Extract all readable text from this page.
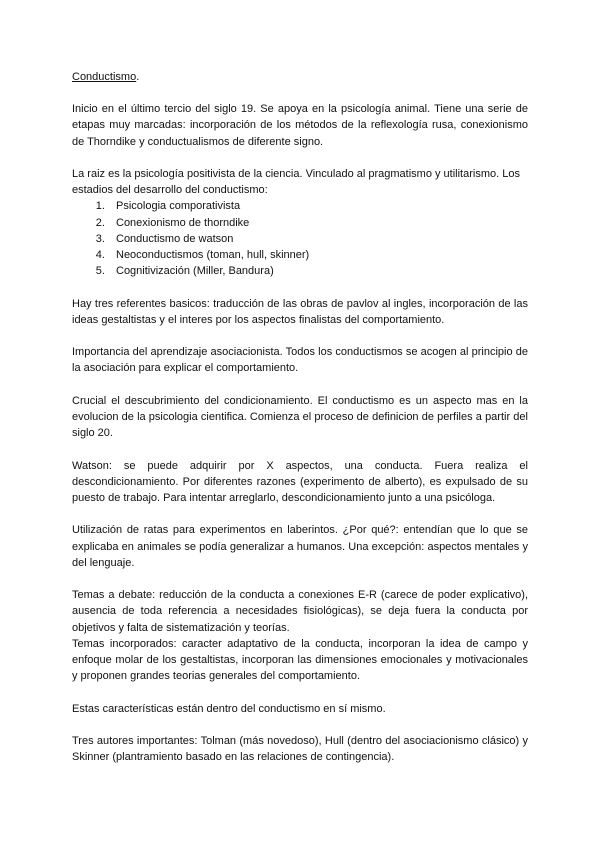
Conductismo.

Inicio en el último tercio del siglo 19. Se apoya en la psicología animal. Tiene una serie de etapas muy marcadas: incorporación de los métodos de la reflexología rusa, conexionismo de Thorndike y conductualismos de diferente signo.

La raiz es la psicología positivista de la ciencia. Vinculado al pragmatismo y utilitarismo. Los estadios del desarrollo del conductismo:

1. Psicologia comporativista
2. Conexionismo de thorndike
3. Conductismo de watson
4. Neoconductismos (toman, hull, skinner)
5. Cognitivización (Miller, Bandura)

Hay tres referentes basicos: traducción de las obras de pavlov al ingles, incorporación de las ideas gestaltistas y el interes por los aspectos finalistas del comportamiento.

Importancia del aprendizaje asociacionista. Todos los conductismos se acogen al principio de la asociación para explicar el comportamiento.

Crucial el descubrimiento del condicionamiento. El conductismo es un aspecto mas en la evolucion de la psicologia cientifica. Comienza el proceso de definicion de perfiles a partir del siglo 20.

Watson: se puede adquirir por X aspectos, una conducta. Fuera realiza el descondicionamiento. Por diferentes razones (experimento de alberto), es expulsado de su puesto de trabajo. Para intentar arreglarlo, descondicionamiento junto a una psicóloga.

Utilización de ratas para experimentos en laberintos. ¿Por qué?: entendían que lo que se explicaba en animales se podía generalizar a humanos. Una excepción: aspectos mentales y del lenguaje.

Temas a debate: reducción de la conducta a conexiones E-R (carece de poder explicativo), ausencia de toda referencia a necesidades fisiológicas), se deja fuera la conducta por objetivos y falta de sistematización y teorías.

Temas incorporados: caracter adaptativo de la conducta, incorporan la idea de campo y enfoque molar de los gestaltistas, incorporan las dimensiones emocionales y motivacionales y proponen grandes teorias generales del comportamiento.

Estas características están dentro del conductismo en sí mismo.

Tres autores importantes: Tolman (más novedoso), Hull (dentro del asociacionismo clásico) y Skinner (plantramiento basado en las relaciones de contingencia).
